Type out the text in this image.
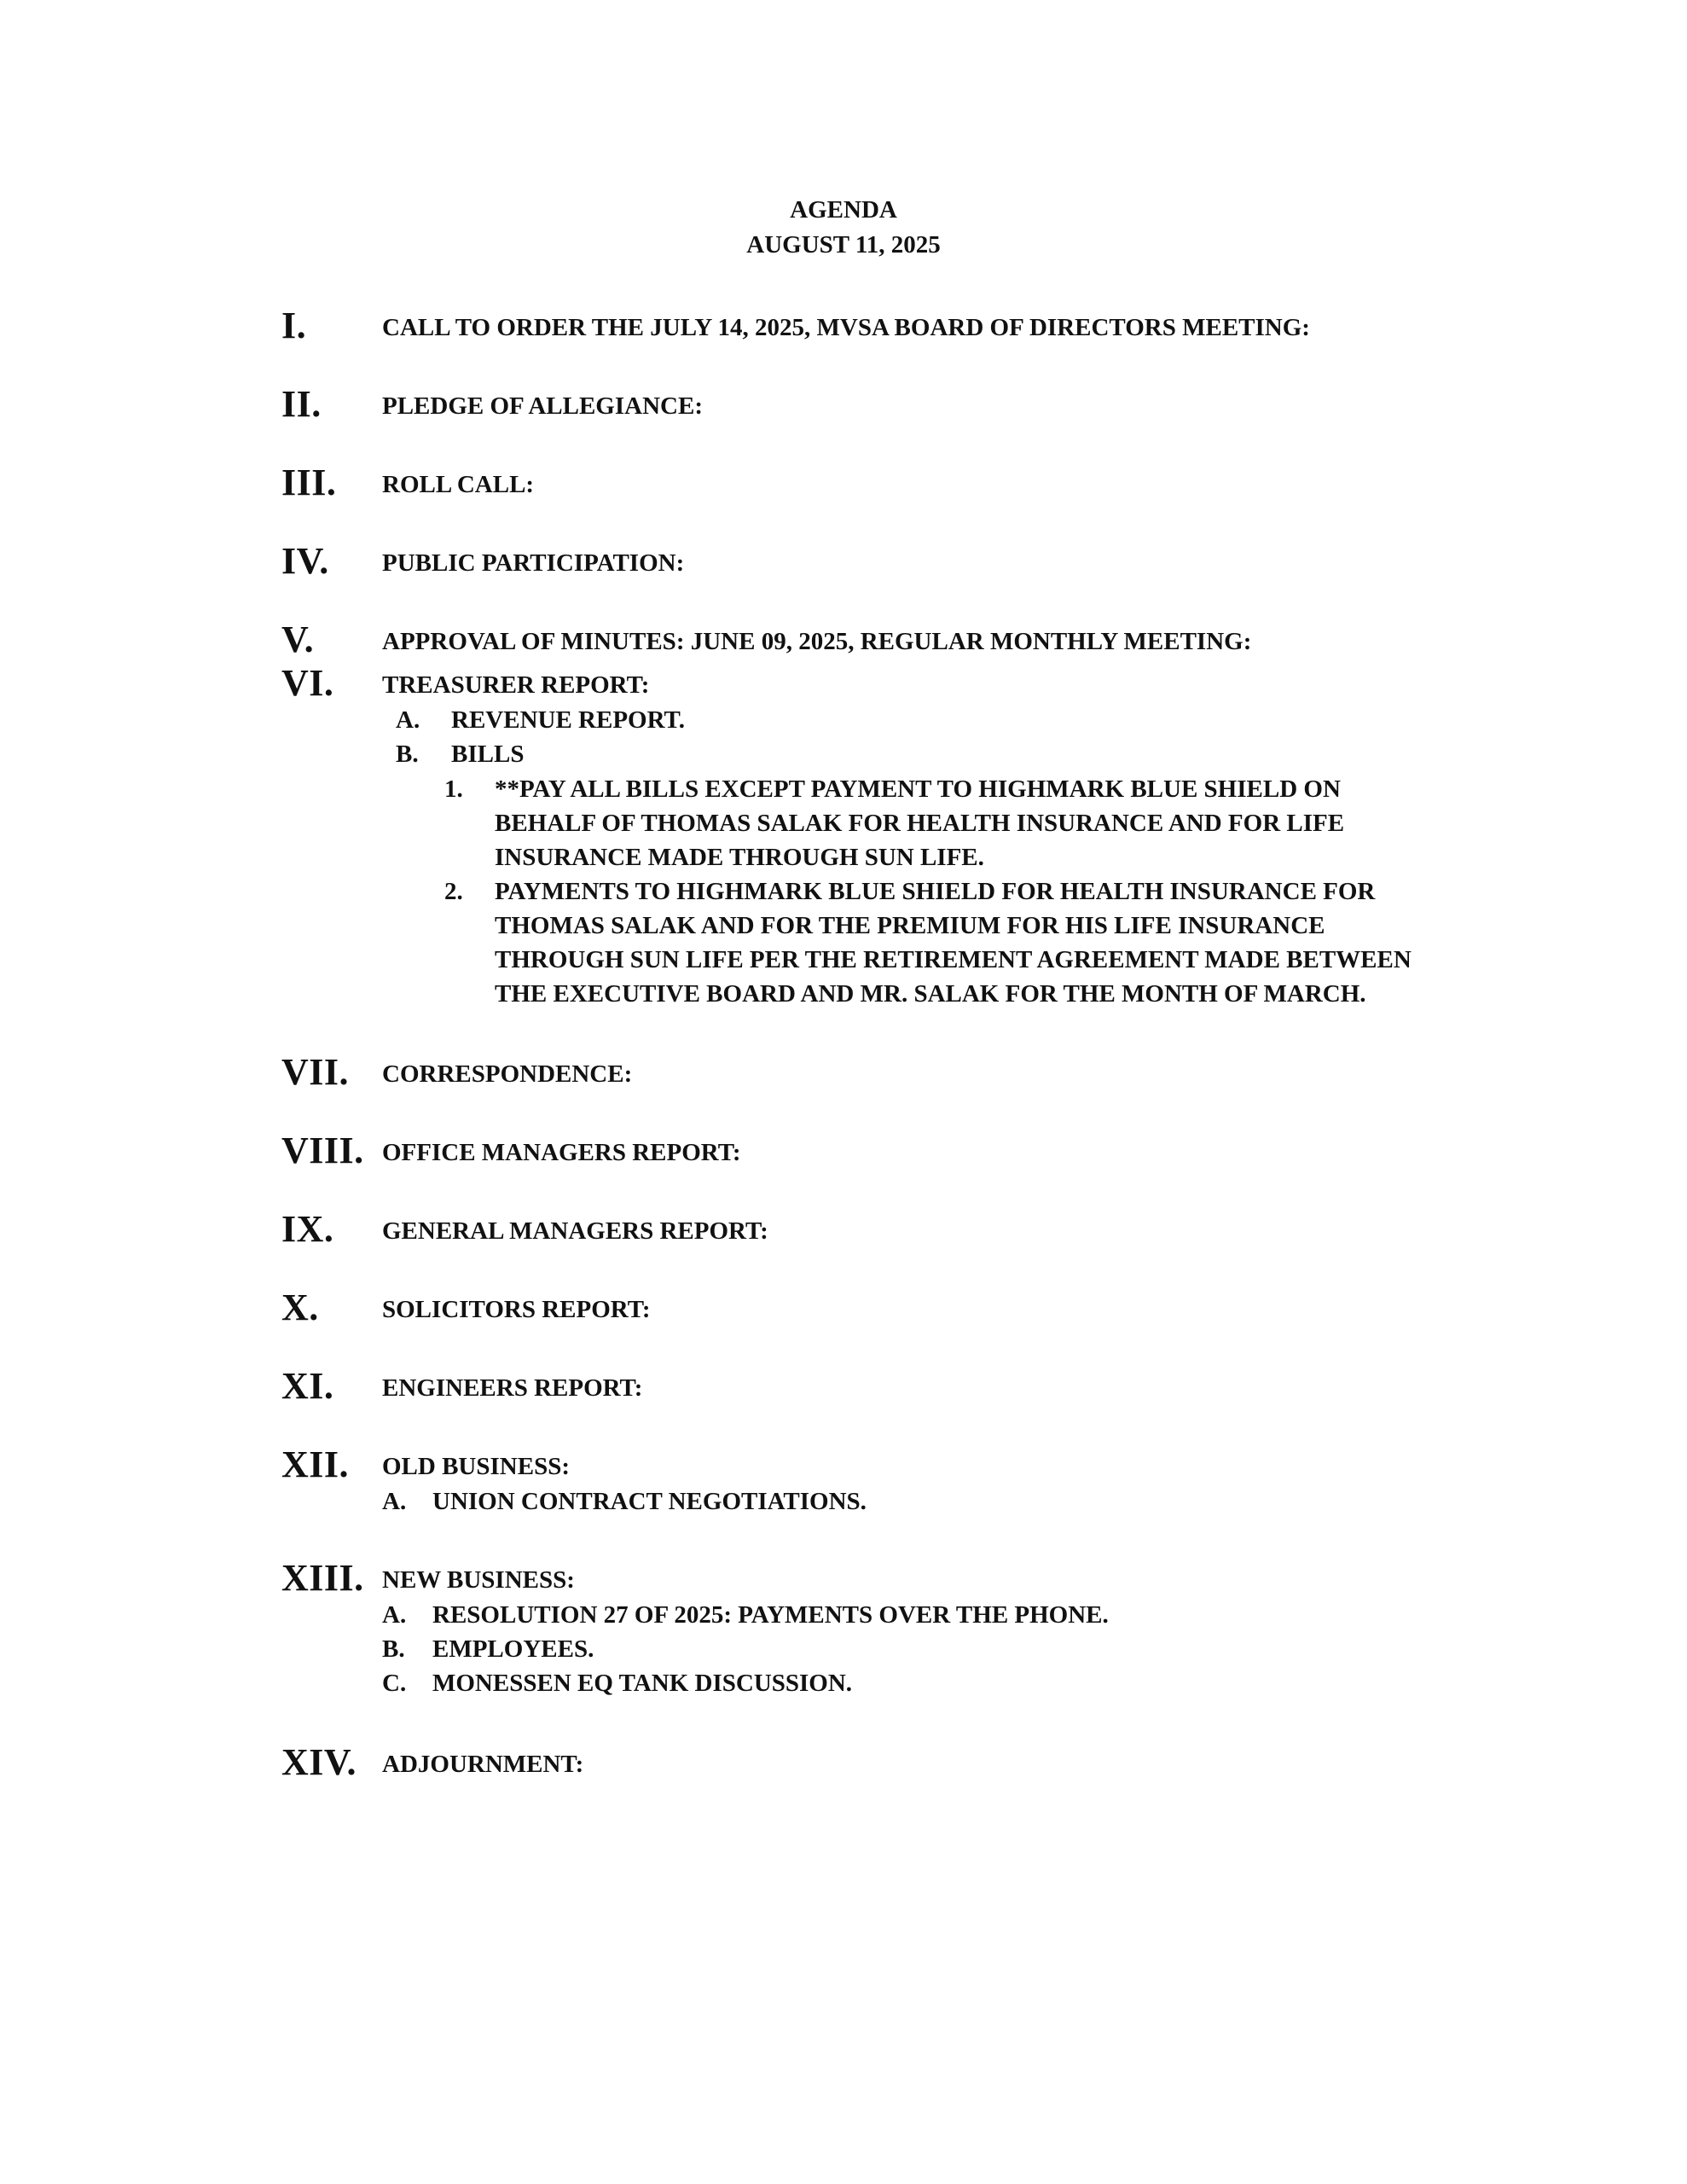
AGENDA
AUGUST 11, 2025
I.	CALL TO ORDER THE JULY 14, 2025, MVSA BOARD OF DIRECTORS MEETING:
II. PLEDGE OF ALLEGIANCE:
III. ROLL CALL:
IV. PUBLIC PARTICIPATION:
V.	APPROVAL OF MINUTES: JUNE 09, 2025, REGULAR MONTHLY MEETING:
VI. TREASURER REPORT:
A. REVENUE REPORT.
B. BILLS
1. **PAY ALL BILLS EXCEPT PAYMENT TO HIGHMARK BLUE SHIELD ON
BEHALF OF THOMAS SALAK FOR HEALTH INSURANCE AND FOR LIFE
INSURANCE MADE THROUGH SUN LIFE.
2. PAYMENTS TO HIGHMARK BLUE SHIELD FOR HEALTH INSURANCE FOR
THOMAS SALAK AND FOR THE PREMIUM FOR HIS LIFE INSURANCE
THROUGH SUN LIFE PER THE RETIREMENT AGREEMENT MADE BETWEEN
THE EXECUTIVE BOARD AND MR. SALAK FOR THE MONTH OF MARCH.
VII. CORRESPONDENCE:
VIII. OFFICE MANAGERS REPORT:
IX. GENERAL MANAGERS REPORT:
X.	SOLICITORS REPORT:
XI. ENGINEERS REPORT:
XII. OLD BUSINESS:
A. UNION CONTRACT NEGOTIATIONS.
XIII. NEW BUSINESS:
A. RESOLUTION 27 OF 2025: PAYMENTS OVER THE PHONE.
B. EMPLOYEES.
C. MONESSEN EQ TANK DISCUSSION.
XIV. ADJOURNMENT:
